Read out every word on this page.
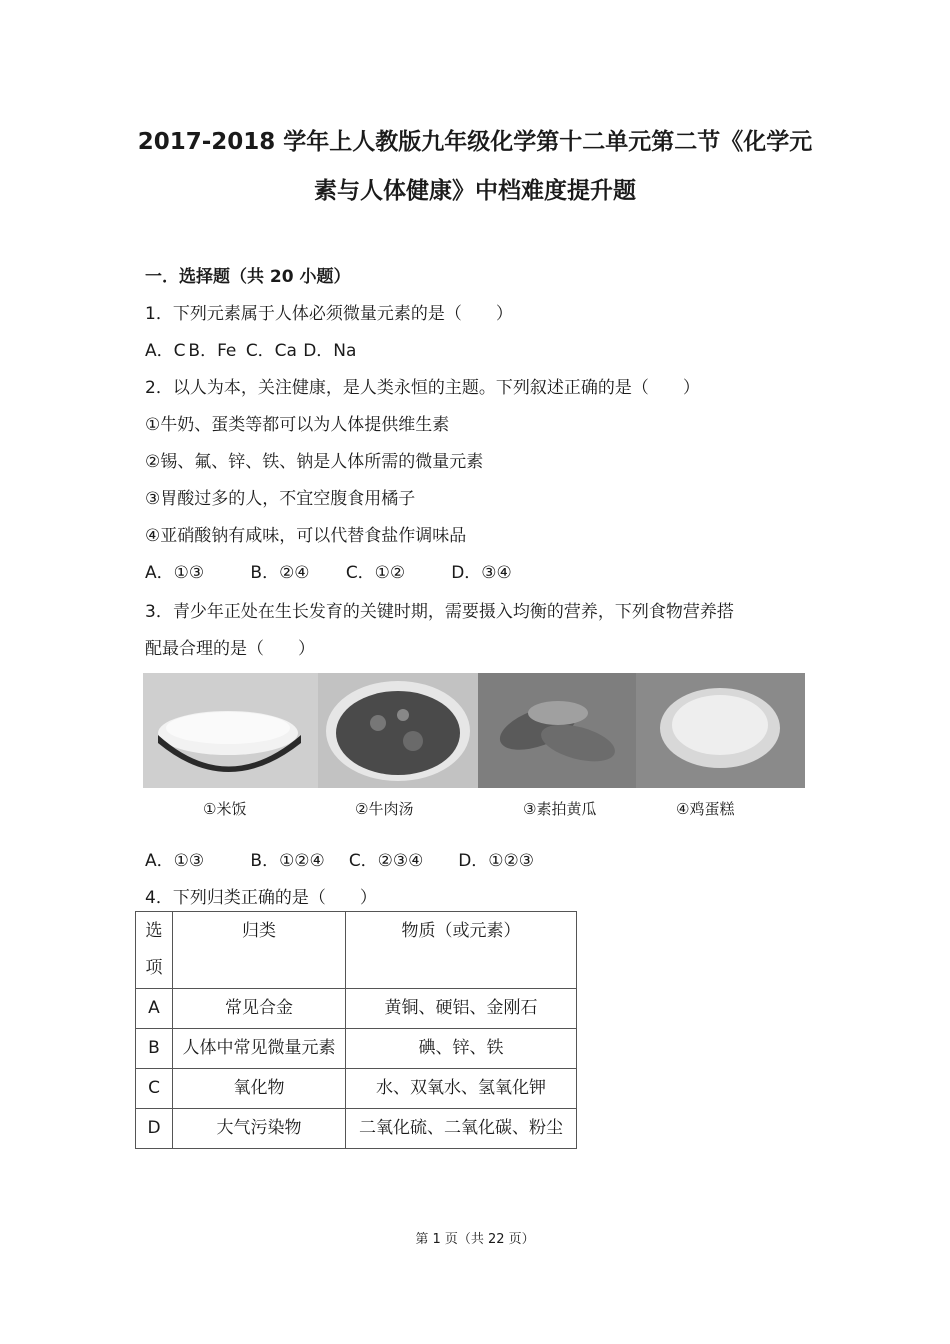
2017-2018 学年上人教版九年级化学第十二单元第二节《化学元
素与人体健康》中档难度提升题
一．选择题（共 20 小题）
1．下列元素属于人体必须微量元素的是（　　）
A．C B．Fe C．Ca D．Na
2．以人为本，关注健康，是人类永恒的主题。下列叙述正确的是（　　）
①牛奶、蛋类等都可以为人体提供维生素
②锡、氟、锌、铁、钠是人体所需的微量元素
③胃酸过多的人，不宜空腹食用橘子
④亚硝酸钠有咸味，可以代替食盐作调味品
A．①③	B．②④ C．①②	D．③④
3．青少年正处在生长发育的关键时期，需要摄入均衡的营养，下列食物营养搭
配最合理的是（　　）
①米饭	②牛肉汤	③素拍黄瓜	④鸡蛋糕
A．①③	B．①②④ C．②③④ D．①②③
4．下列归类正确的是（　　）
选项	归类	物质（或元素）
A	常见合金	黄铜、硬铝、金刚石
B	人体中常见微量元素	碘、锌、铁
C	氧化物	水、双氧水、氢氧化钾
D	大气污染物	二氧化硫、二氧化碳、粉尘
第 1 页（共 22 页）
